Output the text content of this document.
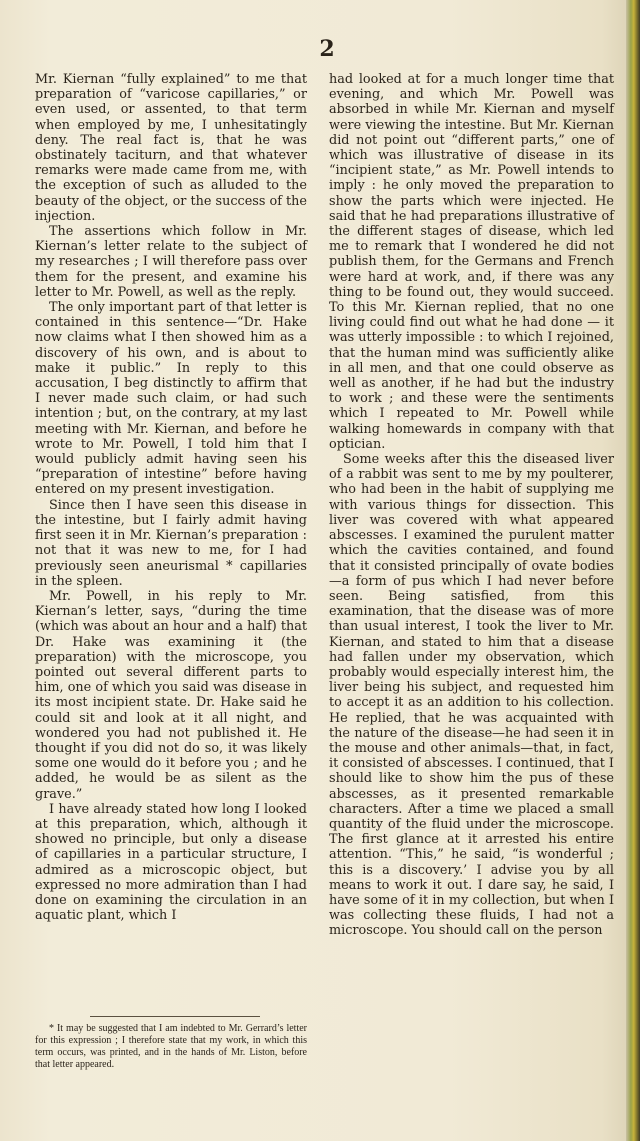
2

Mr. Kiernan “fully explained” to me that preparation of “varicose capillaries,” or even used, or assented, to that term when employed by me, I unhesitatingly deny. The real fact is, that he was obstinately taciturn, and that whatever remarks were made came from me, with the exception of such as alluded to the beauty of the object, or the success of the injection.

The assertions which follow in Mr. Kiernan’s letter relate to the subject of my researches ; I will therefore pass over them for the present, and examine his letter to Mr. Powell, as well as the reply.

The only important part of that letter is contained in this sentence—“Dr. Hake now claims what I then showed him as a discovery of his own, and is about to make it public.” In reply to this accusation, I beg distinctly to affirm that I never made such claim, or had such intention ; but, on the contrary, at my last meeting with Mr. Kiernan, and before he wrote to Mr. Powell, I told him that I would publicly admit having seen his “preparation of intestine” before having entered on my present investigation.

Since then I have seen this disease in the intestine, but I fairly admit having first seen it in Mr. Kiernan’s preparation : not that it was new to me, for I had previously seen aneurismal * capillaries in the spleen.

Mr. Powell, in his reply to Mr. Kiernan’s letter, says, “during the time (which was about an hour and a half) that Dr. Hake was examining it (the preparation) with the microscope, you pointed out several different parts to him, one of which you said was disease in its most incipient state. Dr. Hake said he could sit and look at it all night, and wondered you had not published it. He thought if you did not do so, it was likely some one would do it before you ; and he added, he would be as silent as the grave.”

I have already stated how long I looked at this preparation, which, although it showed no principle, but only a disease of capillaries in a particular structure, I admired as a microscopic object, but expressed no more admiration than I had done on examining the circulation in an aquatic plant, which I

had looked at for a much longer time that evening, and which Mr. Powell was absorbed in while Mr. Kiernan and myself were viewing the intestine. But Mr. Kiernan did not point out “different parts,” one of which was illustrative of disease in its “incipient state,” as Mr. Powell intends to imply : he only moved the preparation to show the parts which were injected. He said that he had preparations illustrative of the different stages of disease, which led me to remark that I wondered he did not publish them, for the Germans and French were hard at work, and, if there was any thing to be found out, they would succeed. To this Mr. Kiernan replied, that no one living could find out what he had done — it was utterly impossible : to which I rejoined, that the human mind was sufficiently alike in all men, and that one could observe as well as another, if he had but the industry to work ; and these were the sentiments which I repeated to Mr. Powell while walking homewards in company with that optician.

Some weeks after this the diseased liver of a rabbit was sent to me by my poulterer, who had been in the habit of supplying me with various things for dissection. This liver was covered with what appeared abscesses. I examined the purulent matter which the cavities contained, and found that it consisted principally of ovate bodies—a form of pus which I had never before seen. Being satisfied, from this examination, that the disease was of more than usual interest, I took the liver to Mr. Kiernan, and stated to him that a disease had fallen under my observation, which probably would especially interest him, the liver being his subject, and requested him to accept it as an addition to his collection. He replied, that he was acquainted with the nature of the disease—he had seen it in the mouse and other animals—that, in fact, it consisted of abscesses. I continued, that I should like to show him the pus of these abscesses, as it presented remarkable characters. After a time we placed a small quantity of the fluid under the microscope. The first glance at it arrested his entire attention. “This,” he said, “is wonderful ; this is a discovery.’ I advise you by all means to work it out. I dare say, he said, I have some of it in my collection, but when I was collecting these fluids, I had not a microscope. You should call on the person

* It may be suggested that I am indebted to Mr. Gerrard’s letter for this expression ; I therefore state that my work, in which this term occurs, was printed, and in the hands of Mr. Liston, before that letter appeared.
